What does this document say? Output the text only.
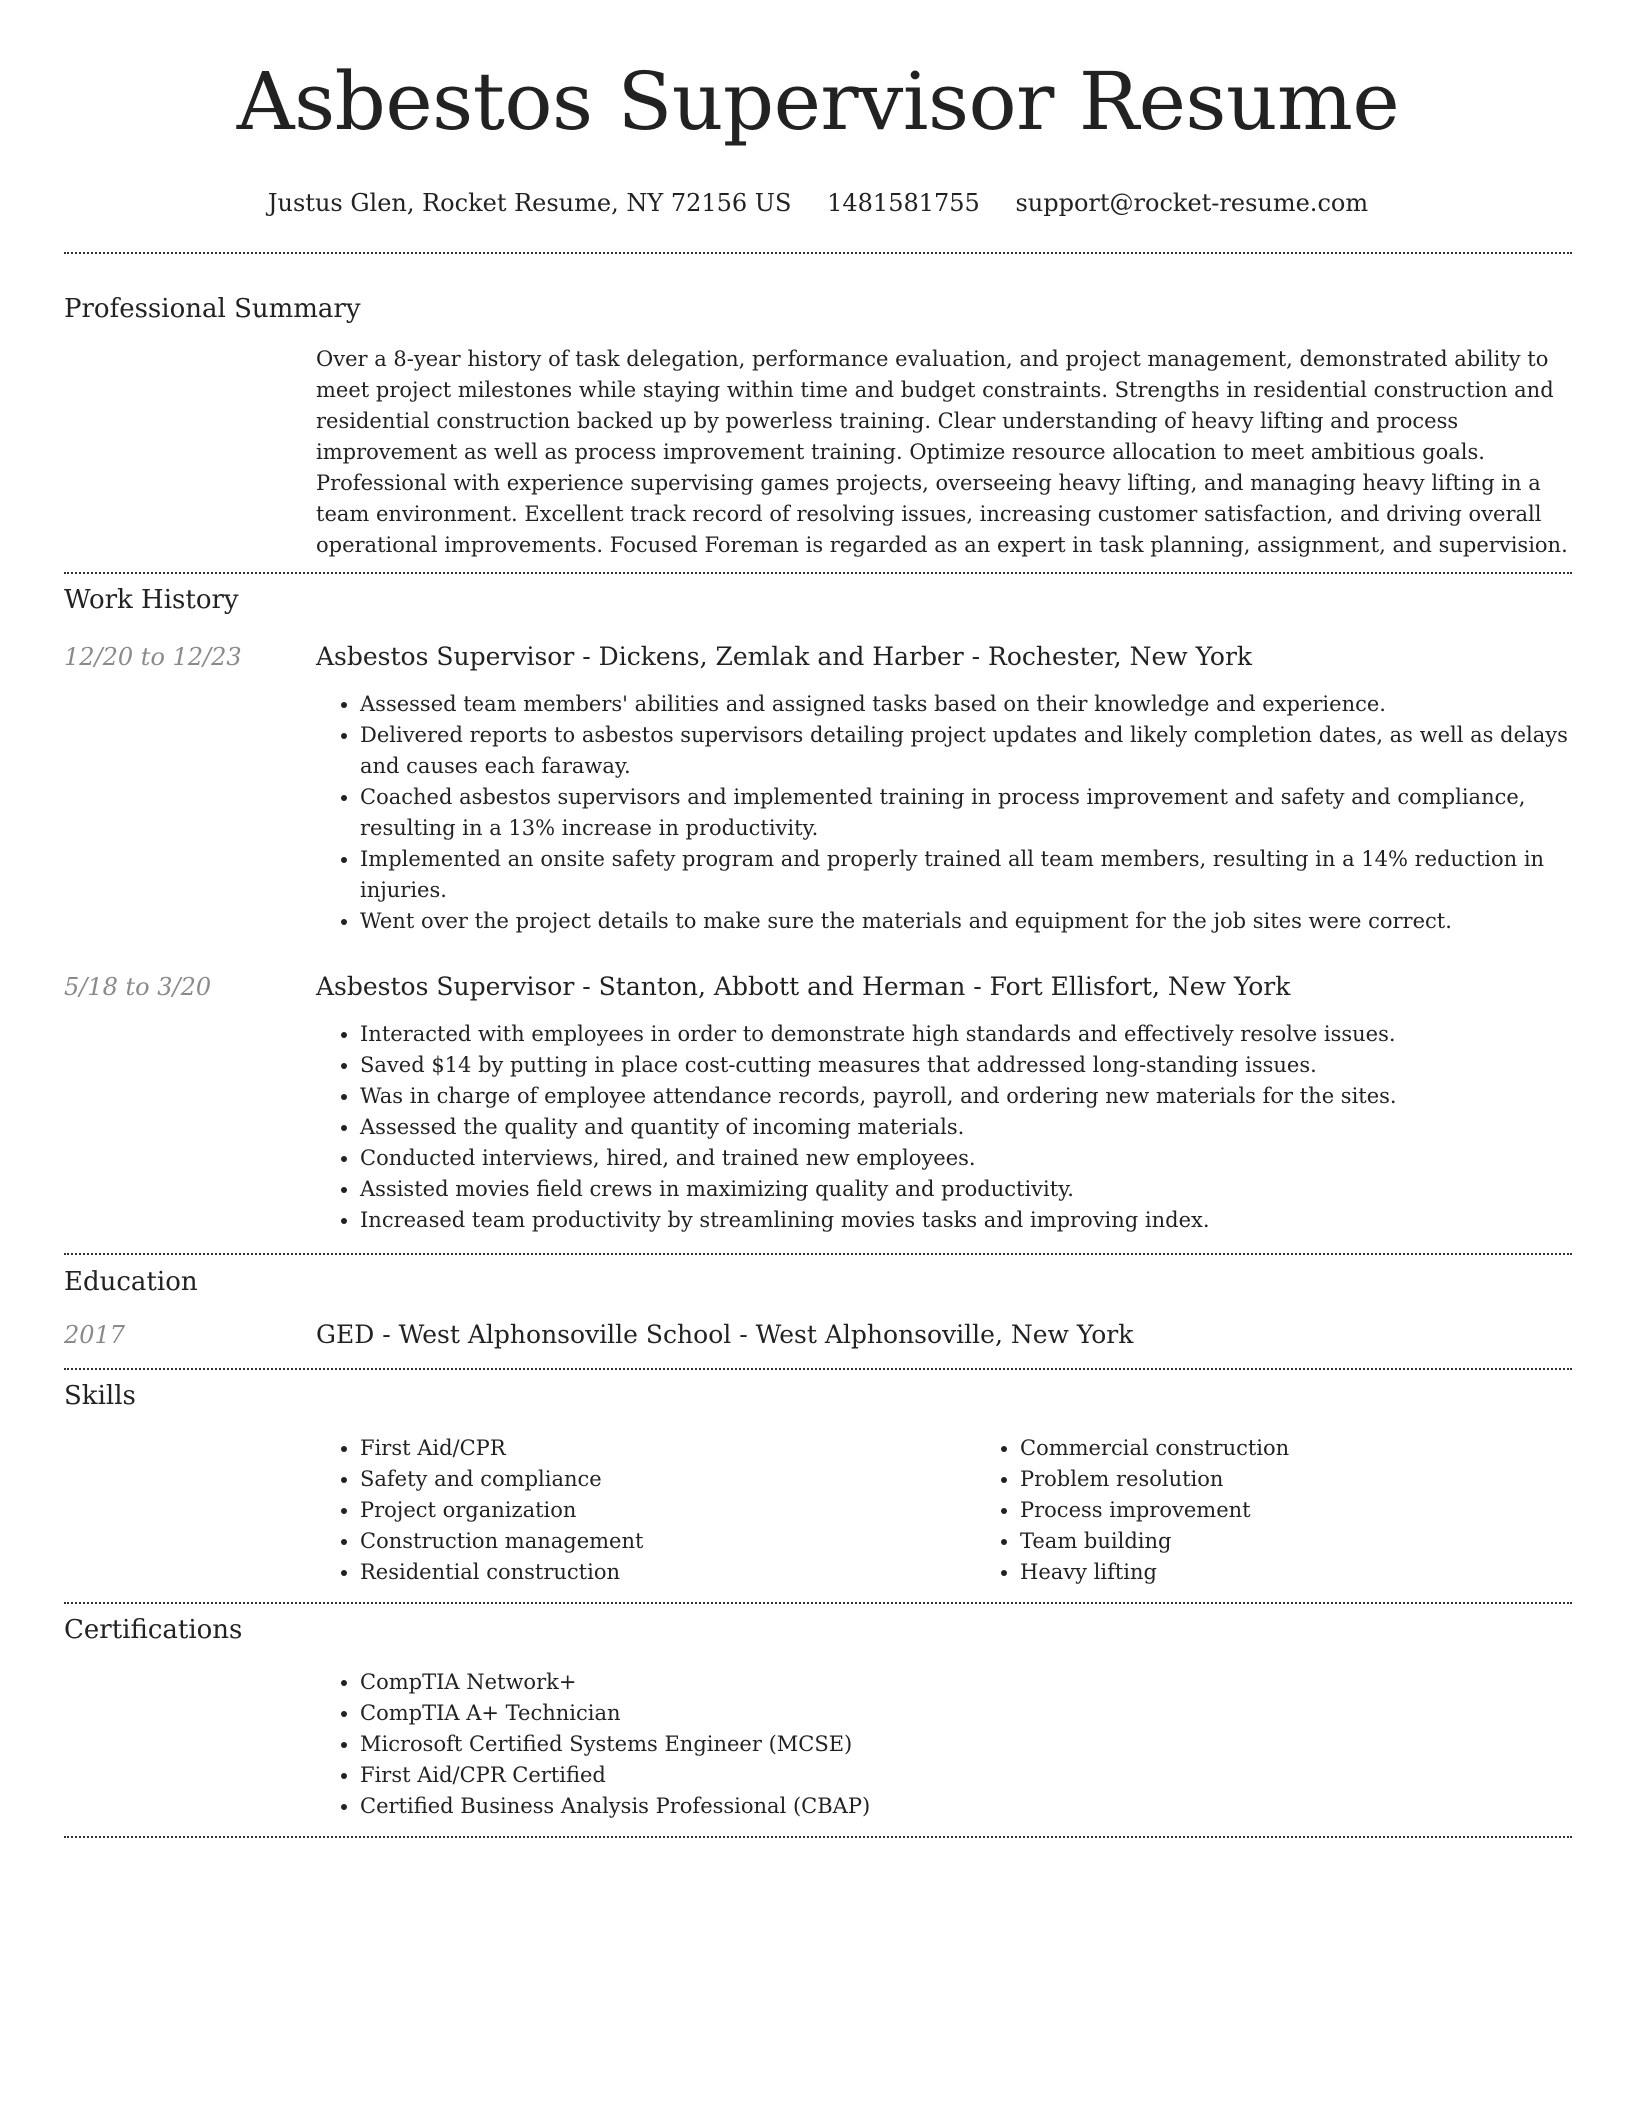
Asbestos Supervisor Resume
Justus Glen, Rocket Resume, NY 72156 US 1481581755 support@rocket-resume.com
Professional Summary

Over a 8-year history of task delegation, performance evaluation, and project management, demonstrated ability to meet project milestones while staying within time and budget constraints. Strengths in residential construction and residential construction backed up by powerless training. Clear understanding of heavy lifting and process improvement as well as process improvement training. Optimize resource allocation to meet ambitious goals. Professional with experience supervising games projects, overseeing heavy lifting, and managing heavy lifting in a team environment. Excellent track record of resolving issues, increasing customer satisfaction, and driving overall operational improvements. Focused Foreman is regarded as an expert in task planning, assignment, and supervision.

Work History
12/20 to 12/23	Asbestos Supervisor - Dickens, Zemlak and Harber - Rochester, New York
• Assessed team members' abilities and assigned tasks based on their knowledge and experience.
• Delivered reports to asbestos supervisors detailing project updates and likely completion dates, as well as delays and causes each faraway.
• Coached asbestos supervisors and implemented training in process improvement and safety and compliance, resulting in a 13% increase in productivity.
• Implemented an onsite safety program and properly trained all team members, resulting in a 14% reduction in injuries.
• Went over the project details to make sure the materials and equipment for the job sites were correct.
5/18 to 3/20	Asbestos Supervisor - Stanton, Abbott and Herman - Fort Ellisfort, New York
• Interacted with employees in order to demonstrate high standards and effectively resolve issues.
• Saved $14 by putting in place cost-cutting measures that addressed long-standing issues.
• Was in charge of employee attendance records, payroll, and ordering new materials for the sites.
• Assessed the quality and quantity of incoming materials.
• Conducted interviews, hired, and trained new employees.
• Assisted movies field crews in maximizing quality and productivity.
• Increased team productivity by streamlining movies tasks and improving index.
Education
2017	GED - West Alphonsoville School - West Alphonsoville, New York
Skills
• First Aid/CPR
• Safety and compliance
• Project organization
• Construction management
• Residential construction
• Commercial construction
• Problem resolution
• Process improvement
• Team building
• Heavy lifting
Certifications
• CompTIA Network+
• CompTIA A+ Technician
• Microsoft Certified Systems Engineer (MCSE)
• First Aid/CPR Certified
• Certified Business Analysis Professional (CBAP)
